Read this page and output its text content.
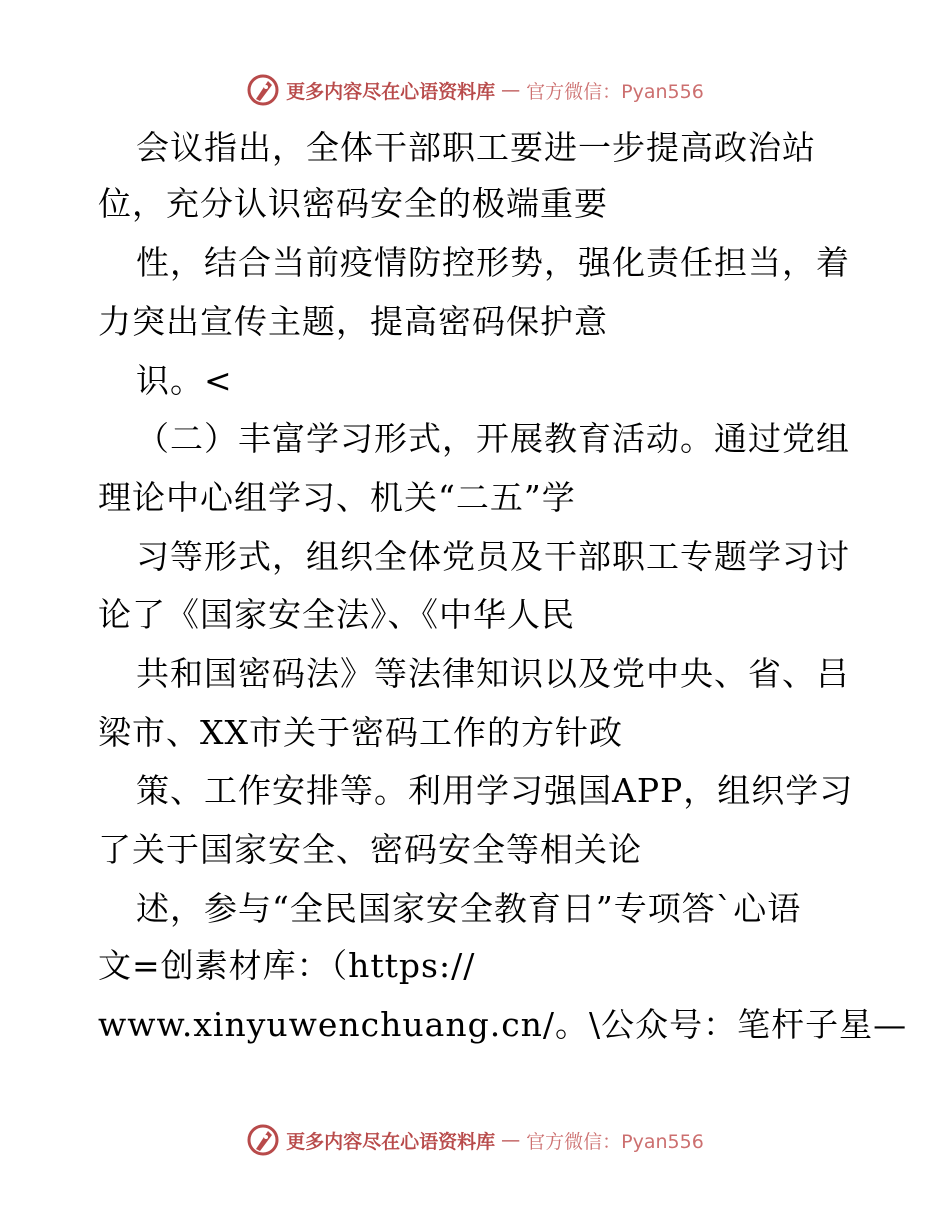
更多内容尽在心语资料库 — 官方微信：Pyan556
会议指出，全体干部职工要进一步提高政治站
位，充分认识密码安全的极端重要
性，结合当前疫情防控形势，强化责任担当，着
力突出宣传主题，提高密码保护意
识。<
（二）丰富学习形式，开展教育活动。通过党组
理论中心组学习、机关“二五”学
习等形式，组织全体党员及干部职工专题学习讨
论了《国家安全法》、《中华人民
共和国密码法》等法律知识以及党中央、省、吕
梁市、XX市关于密码工作的方针政
策、工作安排等。利用学习强国APP，组织学习
了关于国家安全、密码安全等相关论
述，参与“全民国家安全教育日”专项答`心语
文=创素材库：（https://
www.xinyuwenchuang.cn/。\公众号：笔杆子星—
更多内容尽在心语资料库 — 官方微信：Pyan556
